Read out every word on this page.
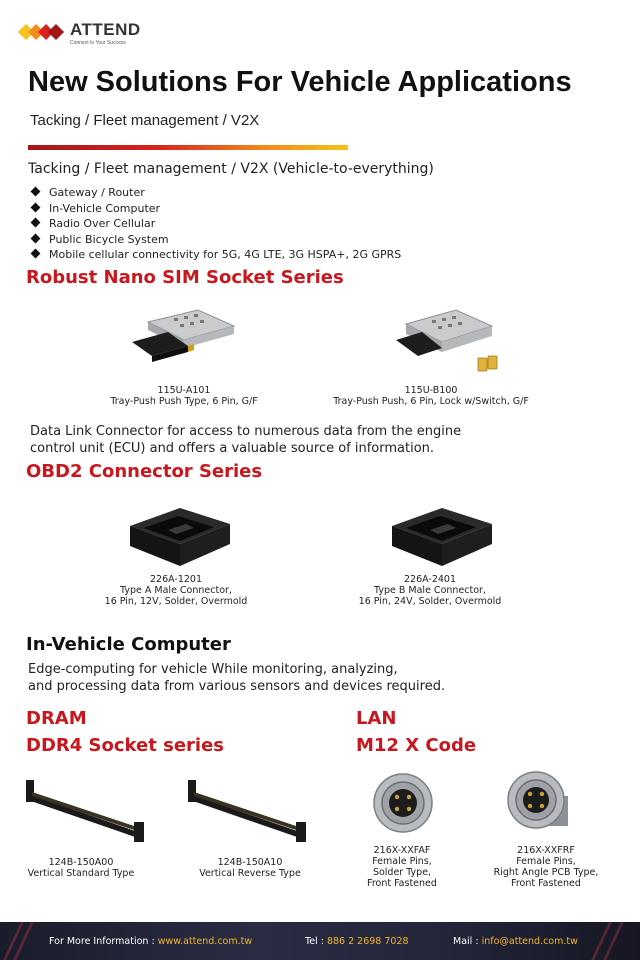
ATTEND
Connect to Your Success
New Solutions For Vehicle Applications
Tacking / Fleet management / V2X
Tacking / Fleet management / V2X (Vehicle-to-everything)
Gateway / Router
In-Vehicle Computer
Radio Over Cellular
Public Bicycle System
Mobile cellular connectivity for 5G, 4G LTE, 3G HSPA+, 2G GPRS
Robust Nano SIM Socket Series
115U-A101
Tray-Push Push Type, 6 Pin, G/F
115U-B100
Tray-Push Push, 6 Pin, Lock w/Switch, G/F
Data Link Connector for access to numerous data from the engine
control unit (ECU) and offers a valuable source of information.
OBD2 Connector Series
226A-1201
Type A Male Connector,
16 Pin, 12V, Solder, Overmold
226A-2401
Type B Male Connector,
16 Pin, 24V, Solder, Overmold
In-Vehicle Computer
Edge-computing for vehicle While monitoring, analyzing,
and processing data from various sensors and devices required.
DRAM
DDR4 Socket series
124B-150A00
Vertical Standard Type
124B-150A10
Vertical Reverse Type
LAN
M12 X Code
216X-XXFAF
Female Pins,
Solder Type,
Front Fastened
216X-XXFRF
Female Pins,
Right Angle PCB Type,
Front Fastened
For More Information : www.attend.com.tw	Tel : 886 2 2698 7028	Mail : info@attend.com.tw
